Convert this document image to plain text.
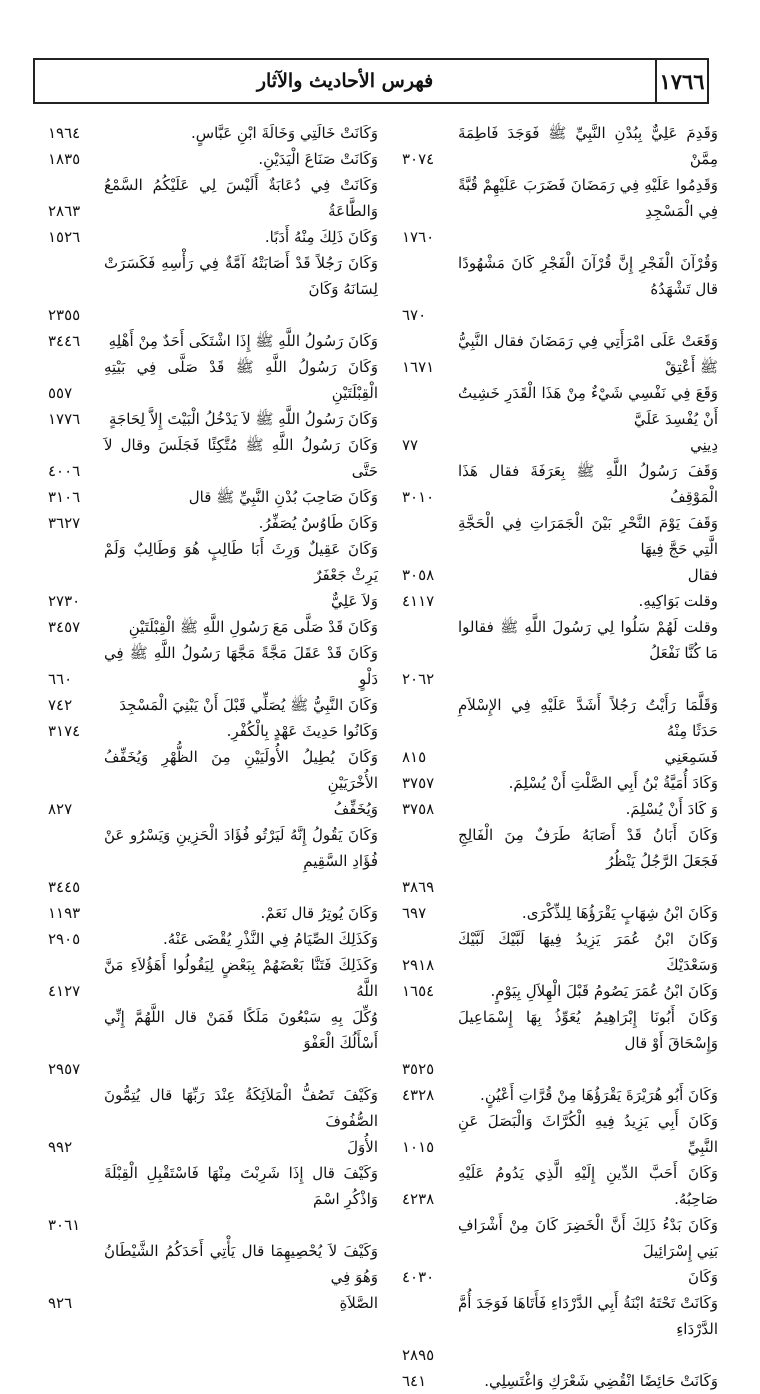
١٧٦٦
فهرس الأحاديث والآثار
وَقَدِمَ عَلِيٌّ بِبُدْنِ النَّبِيِّ ﷺ فَوَجَدَ فَاطِمَةَ مِمَّنْ
٣٠٧٤
وَقَدِمُوا عَلَيْهِ فِي رَمَضَانَ فَضَرَبَ عَلَيْهِمْ قُبَّةً فِي الْمَسْجِدِ
١٧٦٠
وَقُرْآنَ الْفَجْرِ إِنَّ قُرْآنَ الْفَجْرِ كَانَ مَشْهُودًا قال تَشْهَدُهُ
٦٧٠
وَقَعَتْ عَلَى امْرَأَتِي فِي رَمَضَانَ فقال النَّبِيُّ ﷺ أَعْتِقْ
١٦٧١
وَقَعَ فِي نَفْسِي شَيْءٌ مِنْ هَذَا الْقَدَرِ خَشِيتُ أَنْ يُفْسِدَ عَلَيَّ
دِينِي
٧٧
وَقَفَ رَسُولُ اللَّهِ ﷺ بِعَرَفَةَ فقال هَذَا الْمَوْقِفُ
٣٠١٠
وَقَفَ يَوْمَ النَّحْرِ بَيْنَ الْجَمَرَاتِ فِي الْحَجَّةِ الَّتِي حَجَّ فِيهَا
فقال
٣٠٥٨
وقلت بَوَاكِيهِ.
٤١١٧
وقلت لَهُمْ سَلُوا لِي رَسُولَ اللَّهِ ﷺ فقالوا مَا كُنَّا نَفْعَلُ
٢٠٦٢
وَقَلَّمَا رَأَيْتُ رَجُلاً أَشَدَّ عَلَيْهِ فِي الإِسْلاَمِ حَدَثًا مِنْهُ
فَسَمِعَنِي
٨١٥
وَكَادَ أُمَيَّةُ بْنُ أَبِي الصَّلْتِ أَنْ يُسْلِمَ.
٣٧٥٧
وَ كَادَ أَنْ يُسْلِمَ.
٣٧٥٨
وَكَانَ أَبَانُ قَدْ أَصَابَهُ طَرَفٌ مِنَ الْفَالِجِ فَجَعَلَ الرَّجُلُ يَنْظُرُ
٣٨٦٩
وَكَانَ ابْنُ شِهَابٍ يَقْرَؤُهَا لِلذِّكْرَى.
٦٩٧
وَكَانَ ابْنُ عُمَرَ يَزِيدُ فِيهَا لَبَّيْكَ لَبَّيْكَ وَسَعْدَيْكَ
٢٩١٨
وَكَانَ ابْنُ عُمَرَ يَصُومُ قَبْلَ الْهِلاَلِ بِيَوْمٍ.
١٦٥٤
وَكَانَ أَبُونَا إِبْرَاهِيمُ يُعَوِّذُ بِهَا إِسْمَاعِيلَ وَإِسْحَاقَ أَوْ قال
٣٥٢٥
وَكَانَ أَبُو هُرَيْرَةَ يَقْرَؤُهَا مِنْ قُرَّاتِ أَعْيُنٍ.
٤٣٢٨
وَكَانَ أَبِي يَزِيدُ فِيهِ الْكُرَّاثَ وَالْبَصَلَ عَنِ النَّبِيِّ
١٠١٥
وَكَانَ أَحَبَّ الدِّينِ إِلَيْهِ الَّذِي يَدُومُ عَلَيْهِ صَاحِبُهُ.
٤٢٣٨
وَكَانَ بَدْءُ ذَلِكَ أَنَّ الْخَضِرَ كَانَ مِنْ أَشْرَافِ بَنِي إِسْرَائِيلَ
وَكَانَ
٤٠٣٠
وَكَانَتْ تَحْتَهُ ابْنَةُ أَبِي الدَّرْدَاءِ فَأَتَاهَا فَوَجَدَ أُمَّ الدَّرْدَاءِ
٢٨٩٥
وَكَانَتْ حَائِضًا انْقُضِي شَعْرَكِ وَاغْتَسِلِي.
٦٤١
وَكَانَتْ خَالَتِي وَخَالَةَ ابْنِ عَبَّاسٍ.
١٩٦٤
وَكَانَتْ صَنَاعَ الْيَدَيْنِ.
١٨٣٥
وَكَانَتْ فِي دُعَابَةٌ أَلَيْسَ لِي عَلَيْكُمُ السَّمْعُ وَالطَّاعَةُ
٢٨٦٣
وَكَانَ ذَلِكَ مِنْهُ أَدَبًا.
١٥٢٦
وَكَانَ رَجُلاً قَدْ أَصَابَتْهُ آمَّةٌ فِي رَأْسِهِ فَكَسَرَتْ لِسَانَهُ وَكَانَ
٢٣٥٥
وَكَانَ رَسُولُ اللَّهِ ﷺ إِذَا اشْتَكَى أَحَدٌ مِنْ أَهْلِهِ
٣٤٤٦
وَكَانَ رَسُولُ اللَّهِ ﷺ قَدْ صَلَّى فِي بَيْتِهِ الْقِبْلَتَيْنِ
٥٥٧
وَكَانَ رَسُولُ اللَّهِ ﷺ لاَ يَدْخُلُ الْبَيْتَ إِلاَّ لِحَاجَةٍ
١٧٧٦
وَكَانَ رَسُولُ اللَّهِ ﷺ مُتَّكِئًا فَجَلَسَ وقال لاَ حَتَّى
٤٠٠٦
وَكَانَ صَاحِبَ بُدْنِ النَّبِيِّ ﷺ قال
٣١٠٦
وَكَانَ طَاوُسٌ يُصَفِّرُ.
٣٦٢٧
وَكَانَ عَقِيلٌ وَرِثَ أَبَا طَالِبٍ هُوَ وَطَالِبٌ وَلَمْ يَرِثْ جَعْفَرٌ
وَلاَ عَلِيٌّ
٢٧٣٠
وَكَانَ قَدْ صَلَّى مَعَ رَسُولِ اللَّهِ ﷺ الْقِبْلَتَيْنِ
٣٤٥٧
وَكَانَ قَدْ عَقَلَ مَجَّةً مَجَّهَا رَسُولُ اللَّهِ ﷺ فِي دَلْوٍ
٦٦٠
وَكَانَ النَّبِيُّ ﷺ يُصَلِّي قَبْلَ أَنْ يَبْنِيَ الْمَسْجِدَ
٧٤٢
وَكَانُوا حَدِيثَ عَهْدٍ بِالْكُفْرِ.
٣١٧٤
وَكَانَ يُطِيلُ الأُولَيَيْنِ مِنَ الظُّهْرِ وَيُخَفِّفُ الأُخْرَيَيْنِ
وَيُخَفِّفُ
٨٢٧
وَكَانَ يَقُولُ إِنَّهُ لَيَرْتُو فُؤَادَ الْحَزِينِ وَيَسْرُو عَنْ فُؤَادِ السَّقِيمِ
٣٤٤٥
وَكَانَ يُوتِرُ قال نَعَمْ.
١١٩٣
وَكَذَلِكَ الصِّيَامُ فِي النَّذْرِ يُقْضَى عَنْهُ.
٢٩٠٥
وَكَذَلِكَ فَتَنَّا بَعْضَهُمْ بِبَعْضٍ لِيَقُولُوا أَهَؤُلاَءِ مَنَّ اللَّهُ
٤١٢٧
وُكِّلَ بِهِ سَبْعُونَ مَلَكًا فَمَنْ قال اللَّهُمَّ إِنِّي أَسْأَلُكَ الْعَفْوَ
٢٩٥٧
وَكَيْفَ تَصُفُّ الْمَلاَئِكَةُ عِنْدَ رَبِّهَا قال يُتِمُّونَ الصُّفُوفَ
الأُوَلَ
٩٩٢
وَكَيْفَ قال إِذَا شَرِبْتَ مِنْهَا فَاسْتَقْبِلِ الْقِبْلَةَ وَاذْكُرِ اسْمَ
٣٠٦١
وَكَيْفَ لاَ يُحْصِيهِمَا قال يَأْتِي أَحَدَكُمُ الشَّيْطَانُ وَهُوَ فِي
الصَّلاَةِ
٩٢٦
